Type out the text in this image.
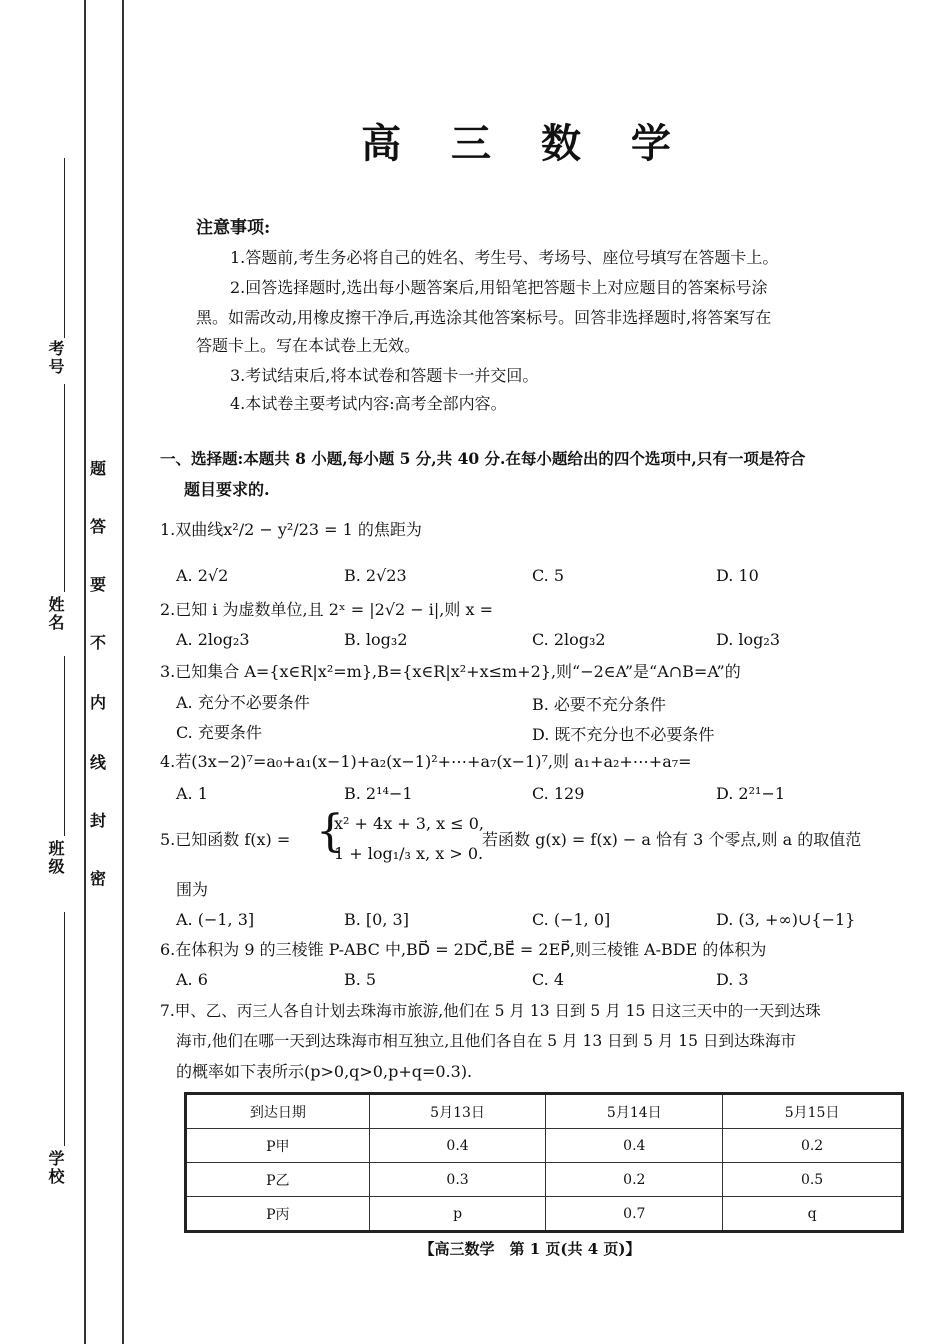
考号
姓名
班级
学校
题
答
要
不
内
线
封
密
高 三 数 学
注意事项:
1.答题前,考生务必将自己的姓名、考生号、考场号、座位号填写在答题卡上。
2.回答选择题时,选出每小题答案后,用铅笔把答题卡上对应题目的答案标号涂
黑。如需改动,用橡皮擦干净后,再选涂其他答案标号。回答非选择题时,将答案写在
答题卡上。写在本试卷上无效。
3.考试结束后,将本试卷和答题卡一并交回。
4.本试卷主要考试内容:高考全部内容。
一、选择题:本题共 8 小题,每小题 5 分,共 40 分.在每小题给出的四个选项中,只有一项是符合
题目要求的.
1.双曲线x²/2 − y²/23 = 1 的焦距为
A. 2√2	B. 2√23	C. 5	D. 10
2.已知 i 为虚数单位,且 2ˣ = |2√2 − i|,则 x =
A. 2log₂3	B. log₃2	C. 2log₃2	D. log₂3
3.已知集合 A={x∈R|x²=m},B={x∈R|x²+x≤m+2},则“−2∈A”是“A∩B=A”的
A. 充分不必要条件	B. 必要不充分条件
C. 充要条件	D. 既不充分也不必要条件
4.若(3x−2)⁷=a₀+a₁(x−1)+a₂(x−1)²+⋯+a₇(x−1)⁷,则 a₁+a₂+⋯+a₇=
A. 1	B. 2¹⁴−1	C. 129	D. 2²¹−1
5.已知函数 f(x) = {
x² + 4x + 3, x ≤ 0,
1 + log₁/₃ x, x > 0.
若函数 g(x) = f(x) − a 恰有 3 个零点,则 a 的取值范
围为
A. (−1, 3]	B. [0, 3]	C. (−1, 0]	D. (3, +∞)∪{−1}
6.在体积为 9 的三棱锥 P-ABC 中,BD⃗ = 2DC⃗,BE⃗ = 2EP⃗,则三棱锥 A-BDE 的体积为
A. 6	B. 5	C. 4	D. 3
7.甲、乙、丙三人各自计划去珠海市旅游,他们在 5 月 13 日到 5 月 15 日这三天中的一天到达珠
海市,他们在哪一天到达珠海市相互独立,且他们各自在 5 月 13 日到 5 月 15 日到达珠海市
的概率如下表所示(p>0,q>0,p+q=0.3).
到达日期	5月13日	5月14日	5月15日
P甲	0.4	0.4	0.2
P乙	0.3	0.2	0.5
P丙	p	0.7	q
【高三数学　第 1 页(共 4 页)】
